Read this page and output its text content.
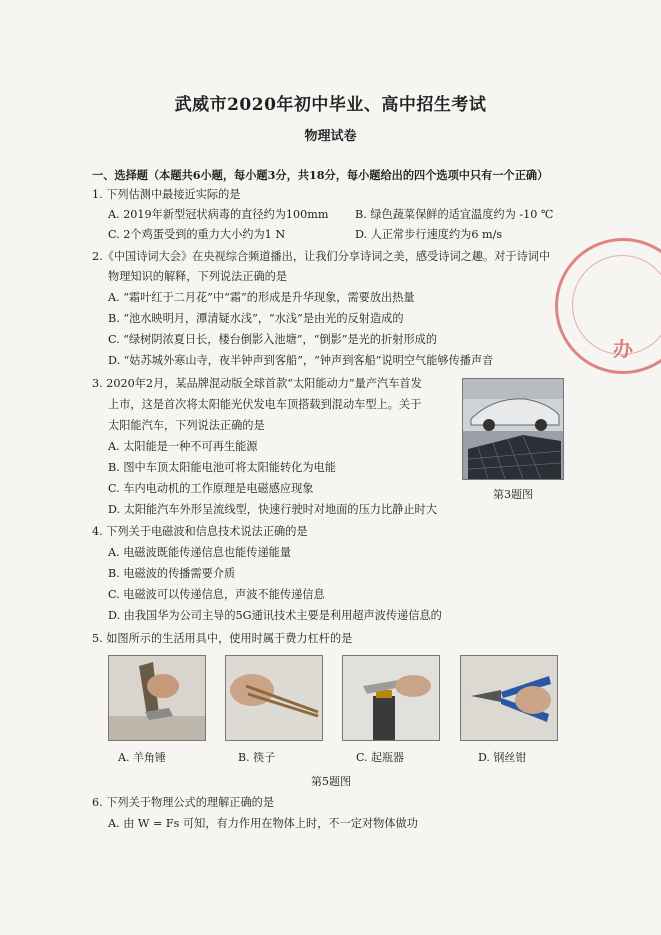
武威市2020年初中毕业、高中招生考试
物理试卷
一、选择题（本题共6小题，每小题3分，共18分，每小题给出的四个选项中只有一个正确）
1. 下列估测中最接近实际的是
A. 2019年新型冠状病毒的直径约为100mm B. 绿色蔬菜保鲜的适宜温度约为 -10 ℃
C. 2个鸡蛋受到的重力大小约为1 N	D. 人正常步行速度约为6 m/s
2.《中国诗词大会》在央视综合频道播出，让我们分享诗词之美，感受诗词之趣。对于诗词中
物理知识的解释，下列说法正确的是
A. “霜叶红于二月花”中“霜”的形成是升华现象，需要放出热量
B. “池水映明月，潭清疑水浅”，“水浅”是由光的反射造成的
C. “绿树阴浓夏日长，楼台倒影入池塘”，“倒影”是光的折射形成的
D. “姑苏城外寒山寺，夜半钟声到客船”，“钟声到客船”说明空气能够传播声音	办
3. 2020年2月，某品牌混动版全球首款“太阳能动力”量产汽车首发
上市，这是首次将太阳能光伏发电车顶搭载到混动车型上。关于
太阳能汽车，下列说法正确的是
A. 太阳能是一种不可再生能源
B. 图中车顶太阳能电池可将太阳能转化为电能
C. 车内电动机的工作原理是电磁感应现象
D. 太阳能汽车外形呈流线型，快速行驶时对地面的压力比静止时大
第3题图
4. 下列关于电磁波和信息技术说法正确的是
A. 电磁波既能传递信息也能传递能量
B. 电磁波的传播需要介质
C. 电磁波可以传递信息，声波不能传递信息
D. 由我国华为公司主导的5G通讯技术主要是利用超声波传递信息的
5. 如图所示的生活用具中，使用时属于费力杠杆的是
A. 羊角锤	B. 筷子	C. 起瓶器	D. 钢丝钳
第5题图
6. 下列关于物理公式的理解正确的是
A. 由 W = Fs 可知，有力作用在物体上时，不一定对物体做功
